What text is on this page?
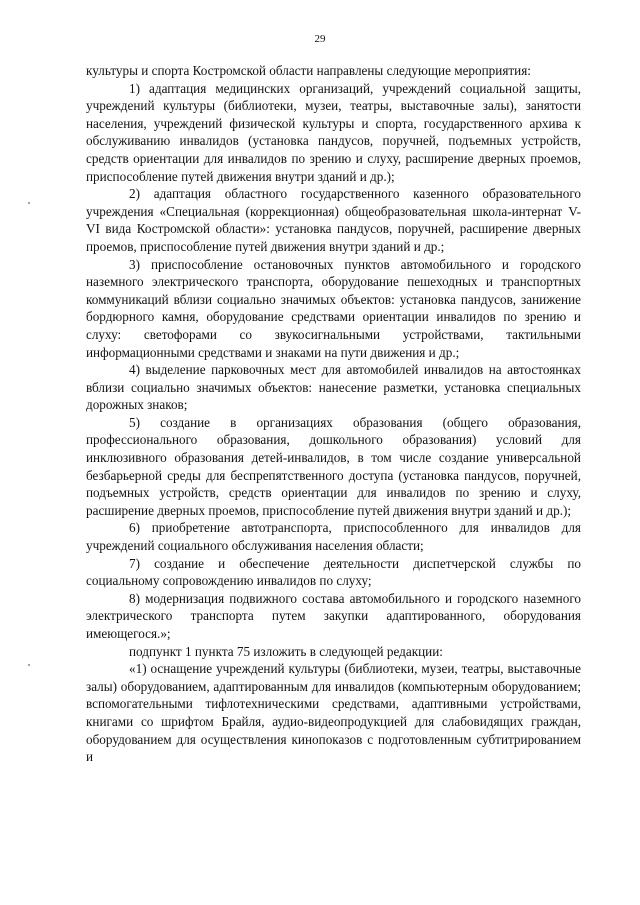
29

культуры и спорта Костромской области направлены следующие мероприятия:

1) адаптация медицинских организаций, учреждений социальной защиты, учреждений культуры (библиотеки, музеи, театры, выставочные залы), занятости населения, учреждений физической культуры и спорта, государственного архива к обслуживанию инвалидов (установка пандусов, поручней, подъемных устройств, средств ориентации для инвалидов по зрению и слуху, расширение дверных проемов, приспособление путей движения внутри зданий и др.);

2) адаптация областного государственного казенного образовательного учреждения «Специальная (коррекционная) общеобразовательная школа-интернат V-VI вида Костромской области»: установка пандусов, поручней, расширение дверных проемов, приспособление путей движения внутри зданий и др.;

3) приспособление остановочных пунктов автомобильного и городского наземного электрического транспорта, оборудование пешеходных и транспортных коммуникаций вблизи социально значимых объектов: установка пандусов, занижение бордюрного камня, оборудование средствами ориентации инвалидов по зрению и слуху: светофорами со звукосигнальными устройствами, тактильными информационными средствами и знаками на пути движения и др.;

4) выделение парковочных мест для автомобилей инвалидов на автостоянках вблизи социально значимых объектов: нанесение разметки, установка специальных дорожных знаков;

5) создание в организациях образования (общего образования, профессионального образования, дошкольного образования) условий для инклюзивного образования детей-инвалидов, в том числе создание универсальной безбарьерной среды для беспрепятственного доступа (установка пандусов, поручней, подъемных устройств, средств ориентации для инвалидов по зрению и слуху, расширение дверных проемов, приспособление путей движения внутри зданий и др.);

6) приобретение автотранспорта, приспособленного для инвалидов для учреждений социального обслуживания населения области;

7) создание и обеспечение деятельности диспетчерской службы по социальному сопровождению инвалидов по слуху;

8) модернизация подвижного состава автомобильного и городского наземного электрического транспорта путем закупки адаптированного, оборудования имеющегося.»;

подпункт 1 пункта 75 изложить в следующей редакции:

«1) оснащение учреждений культуры (библиотеки, музеи, театры, выставочные залы) оборудованием, адаптированным для инвалидов (компьютерным оборудованием; вспомогательными тифлотехническими средствами, адаптивными устройствами, книгами со шрифтом Брайля, аудио-видеопродукцией для слабовидящих граждан, оборудованием для осуществления кинопоказов с подготовленным субтитрированием и
